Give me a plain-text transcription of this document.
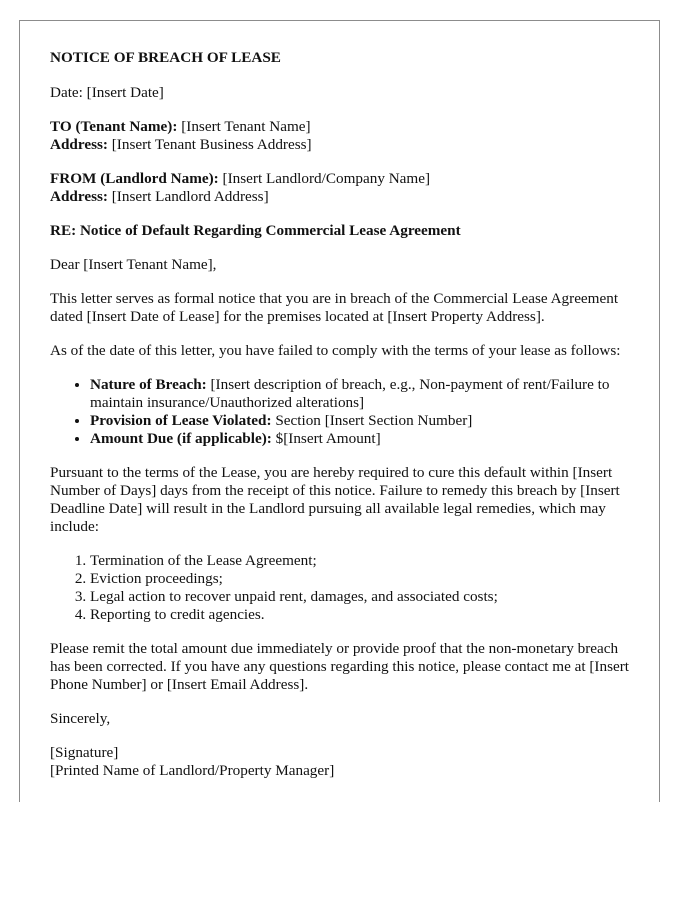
NOTICE OF BREACH OF LEASE

Date: [Insert Date]

TO (Tenant Name): [Insert Tenant Name]
Address: [Insert Tenant Business Address]

FROM (Landlord Name): [Insert Landlord/Company Name]
Address: [Insert Landlord Address]

RE: Notice of Default Regarding Commercial Lease Agreement

Dear [Insert Tenant Name],

This letter serves as formal notice that you are in breach of the Commercial Lease Agreement dated [Insert Date of Lease] for the premises located at [Insert Property Address].

As of the date of this letter, you have failed to comply with the terms of your lease as follows:

• Nature of Breach: [Insert description of breach, e.g., Non-payment of rent/Failure to maintain insurance/Unauthorized alterations]
• Provision of Lease Violated: Section [Insert Section Number]
• Amount Due (if applicable): $[Insert Amount]

Pursuant to the terms of the Lease, you are hereby required to cure this default within [Insert Number of Days] days from the receipt of this notice. Failure to remedy this breach by [Insert Deadline Date] will result in the Landlord pursuing all available legal remedies, which may include:

1. Termination of the Lease Agreement;
2. Eviction proceedings;
3. Legal action to recover unpaid rent, damages, and associated costs;
4. Reporting to credit agencies.

Please remit the total amount due immediately or provide proof that the non-monetary breach has been corrected. If you have any questions regarding this notice, please contact me at [Insert Phone Number] or [Insert Email Address].

Sincerely,

[Signature]

[Printed Name of Landlord/Property Manager]
